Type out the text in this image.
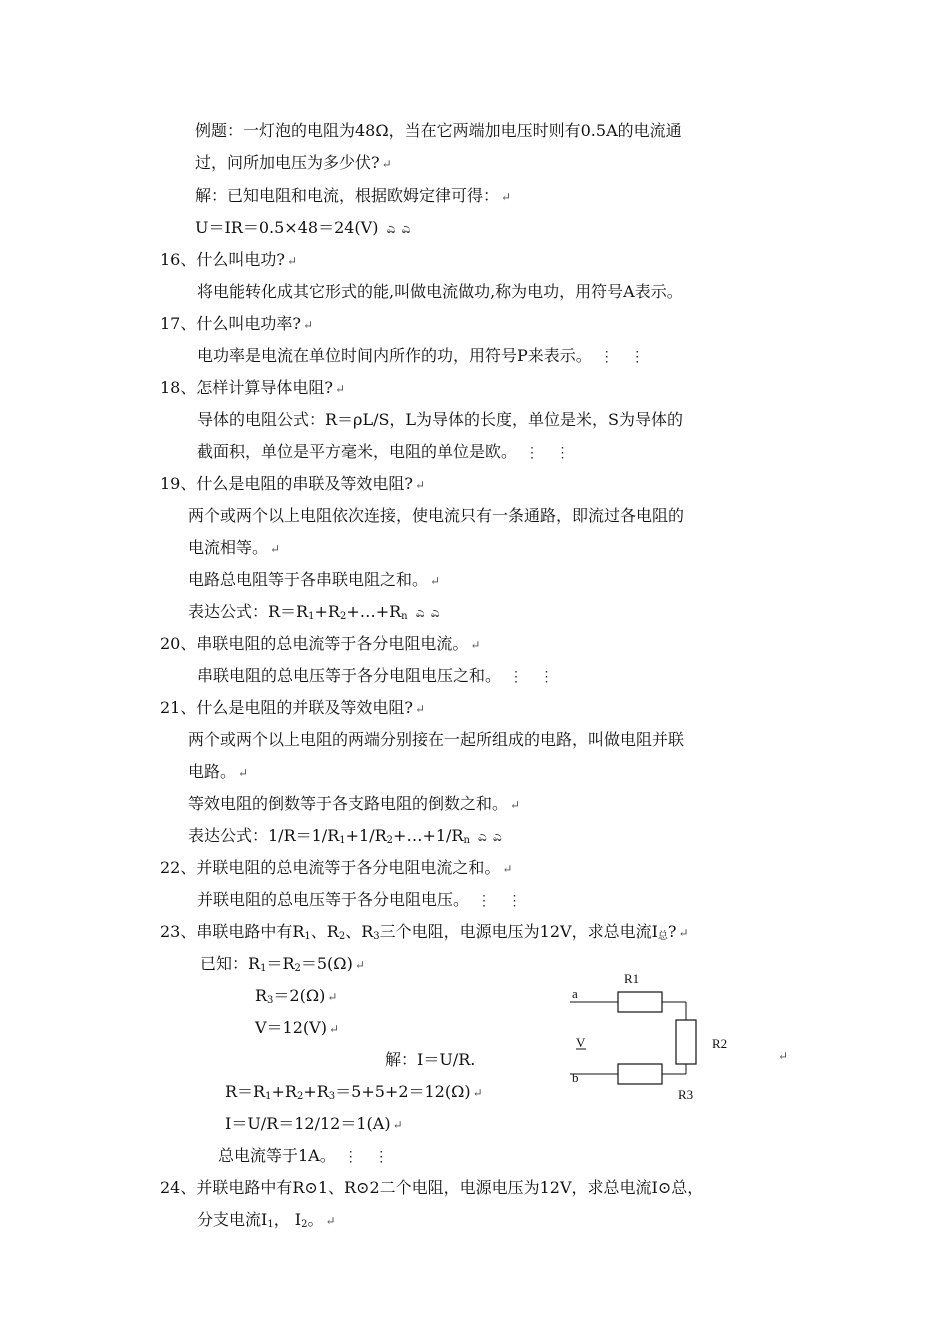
例题：一灯泡的电阻为48Ω，当在它两端加电压时则有0.5A的电流通
过，问所加电压为多少伏? ↵
解：已知电阻和电流，根据欧姆定律可得： ↵
U＝IR＝0.5×48＝24(V) ಎಎ
16、什么叫电功? ↵
将电能转化成其它形式的能,叫做电流做功,称为电功，用符号A表示。
17、什么叫电功率? ↵
电功率是电流在单位时间内所作的功，用符号P来表示。 ⋮ ⋮
18、怎样计算导体电阻? ↵
导体的电阻公式：R＝ρL/S，L为导体的长度，单位是米，S为导体的
截面积，单位是平方毫米，电阻的单位是欧。 ⋮ ⋮
19、什么是电阻的串联及等效电阻? ↵
两个或两个以上电阻依次连接，使电流只有一条通路，即流过各电阻的
电流相等。 ↵
电路总电阻等于各串联电阻之和。 ↵
表达公式：$R=R_1+R_2+\dots+R_n$ ಎಎ
20、串联电阻的总电流等于各分电阻电流。 ↵
串联电阻的总电压等于各分电阻电压之和。 ⋮ ⋮
21、什么是电阻的并联及等效电阻? ↵
两个或两个以上电阻的两端分别接在一起所组成的电路，叫做电阻并联
电路。 ↵
等效电阻的倒数等于各支路电阻的倒数之和。 ↵
表达公式：$1/R=1/R_1+1/R_2+\dots+1/R_n$ ಎಎ
22、并联电阻的总电流等于各分电阻电流之和。 ↵
并联电阻的总电压等于各分电阻电压。 ⋮ ⋮
23、串联电路中有$R_1$、$R_2$、$R_3$三个电阻，电源电压为12V，求总电流$Ⅰ_总$? ↵
已知：$R_1=R_2=5(\Omega)$ ↵
$R_3=2(\Omega)$ ↵
V＝12(V) ↵
解：Ⅰ＝U/R.
$R=R_1+R_2+R_3=5+5+2=12(\Omega)$ ↵
Ⅰ＝U/R＝12/12＝1(A) ↵
总电流等于1A。 ⋮ ⋮
24、并联电路中有R⊙1、R⊙2二个电阻，电源电压为12V，求总电流I⊙总，
分支电流$Ⅰ_1$， $Ⅰ_2$。 ↵
R1
R2
R3
a
b
V
↵
